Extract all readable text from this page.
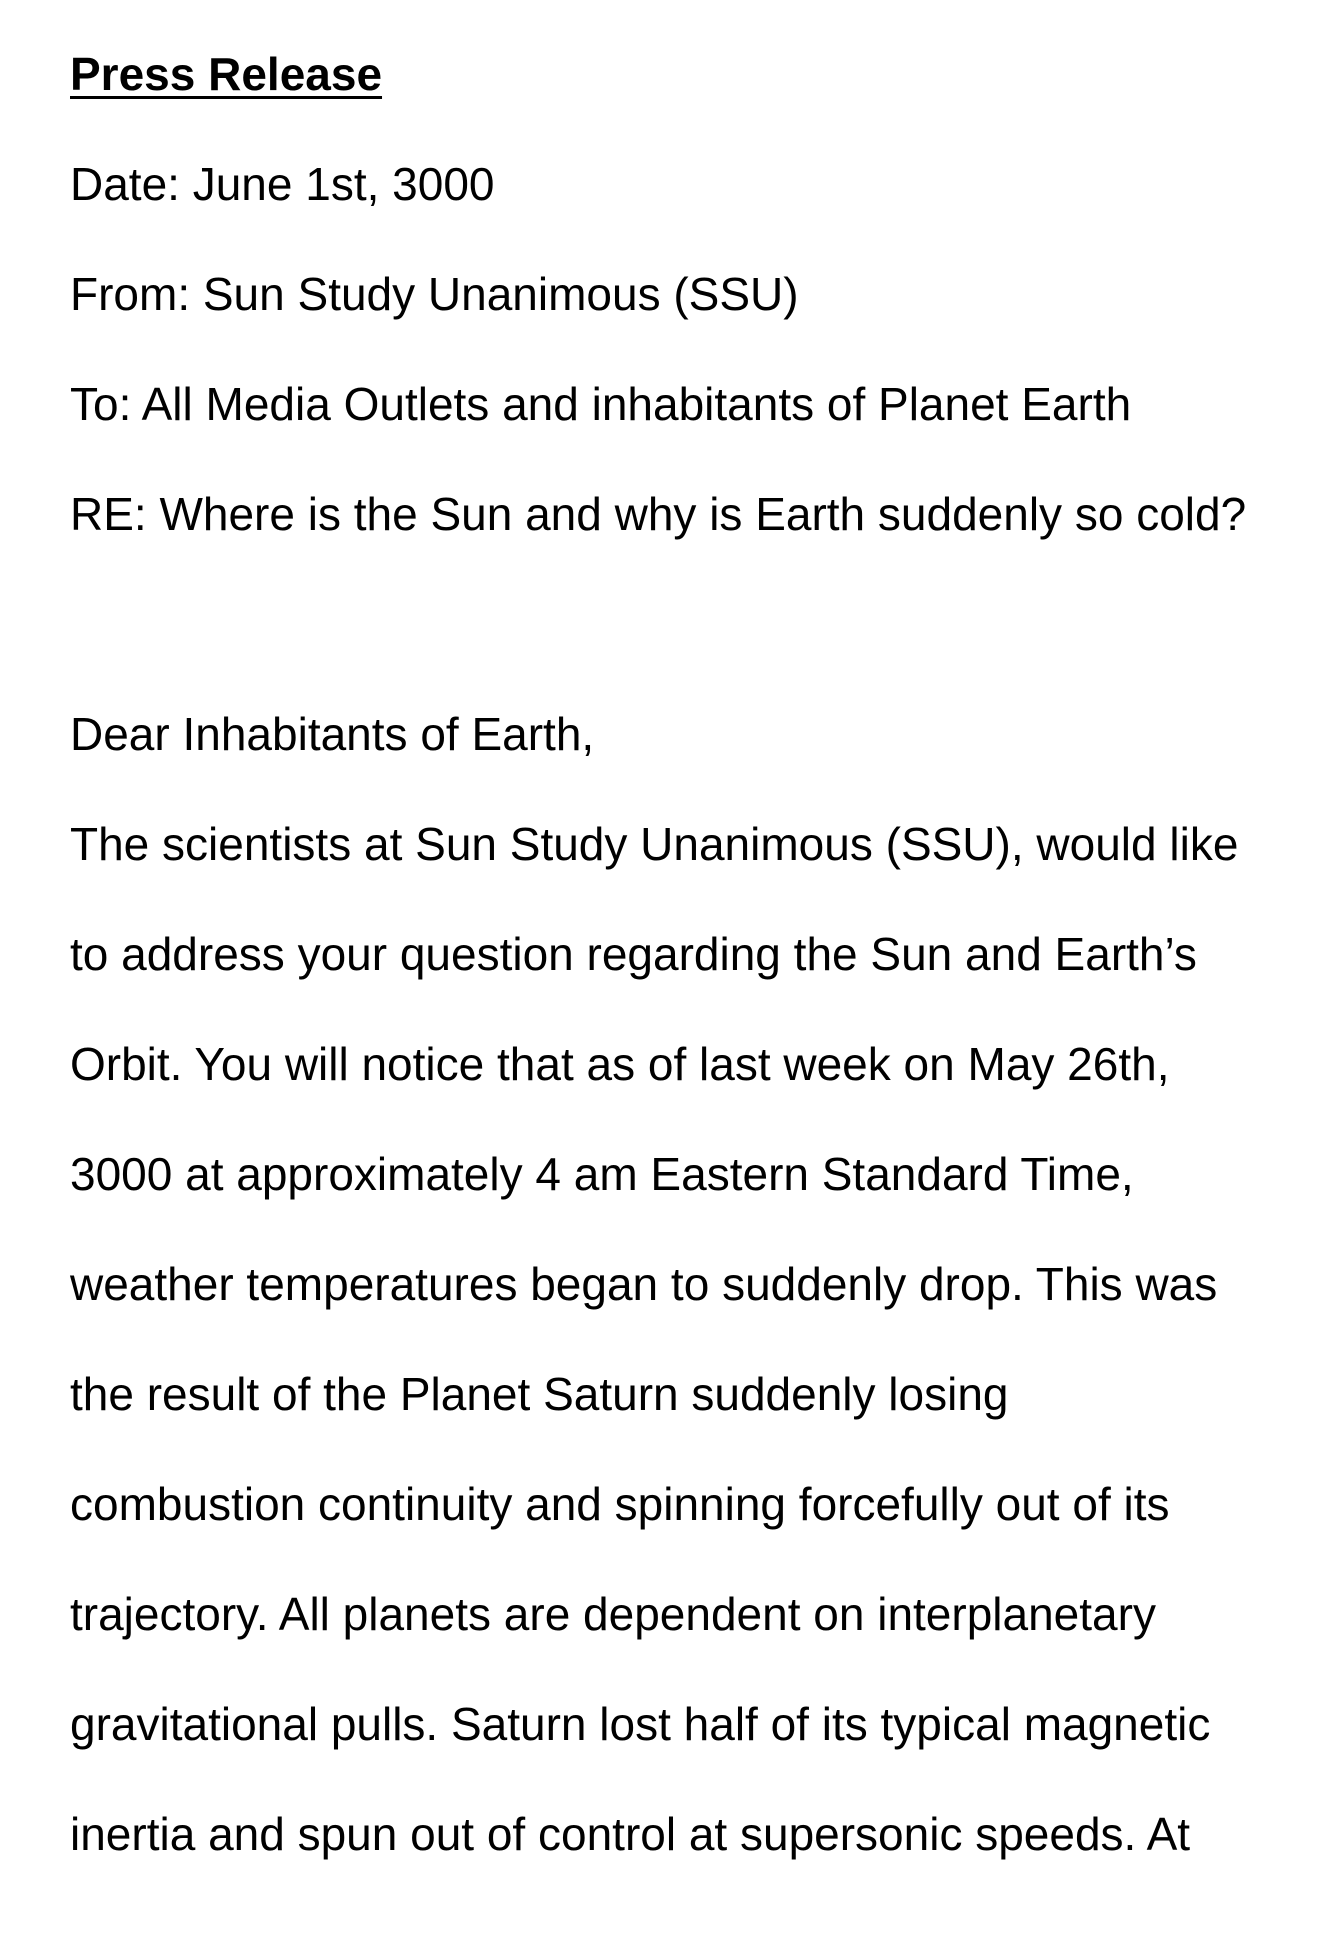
Press Release
Date: June 1st, 3000
From: Sun Study Unanimous (SSU)
To: All Media Outlets and inhabitants of Planet Earth
RE: Where is the Sun and why is Earth suddenly so cold?
Dear Inhabitants of Earth,
The scientists at Sun Study Unanimous (SSU), would like
to address your question regarding the Sun and Earth’s
Orbit. You will notice that as of last week on May 26th,
3000 at approximately 4 am Eastern Standard Time,
weather temperatures began to suddenly drop. This was
the result of the Planet Saturn suddenly losing
combustion continuity and spinning forcefully out of its
trajectory. All planets are dependent on interplanetary
gravitational pulls. Saturn lost half of its typical magnetic
inertia and spun out of control at supersonic speeds. At
